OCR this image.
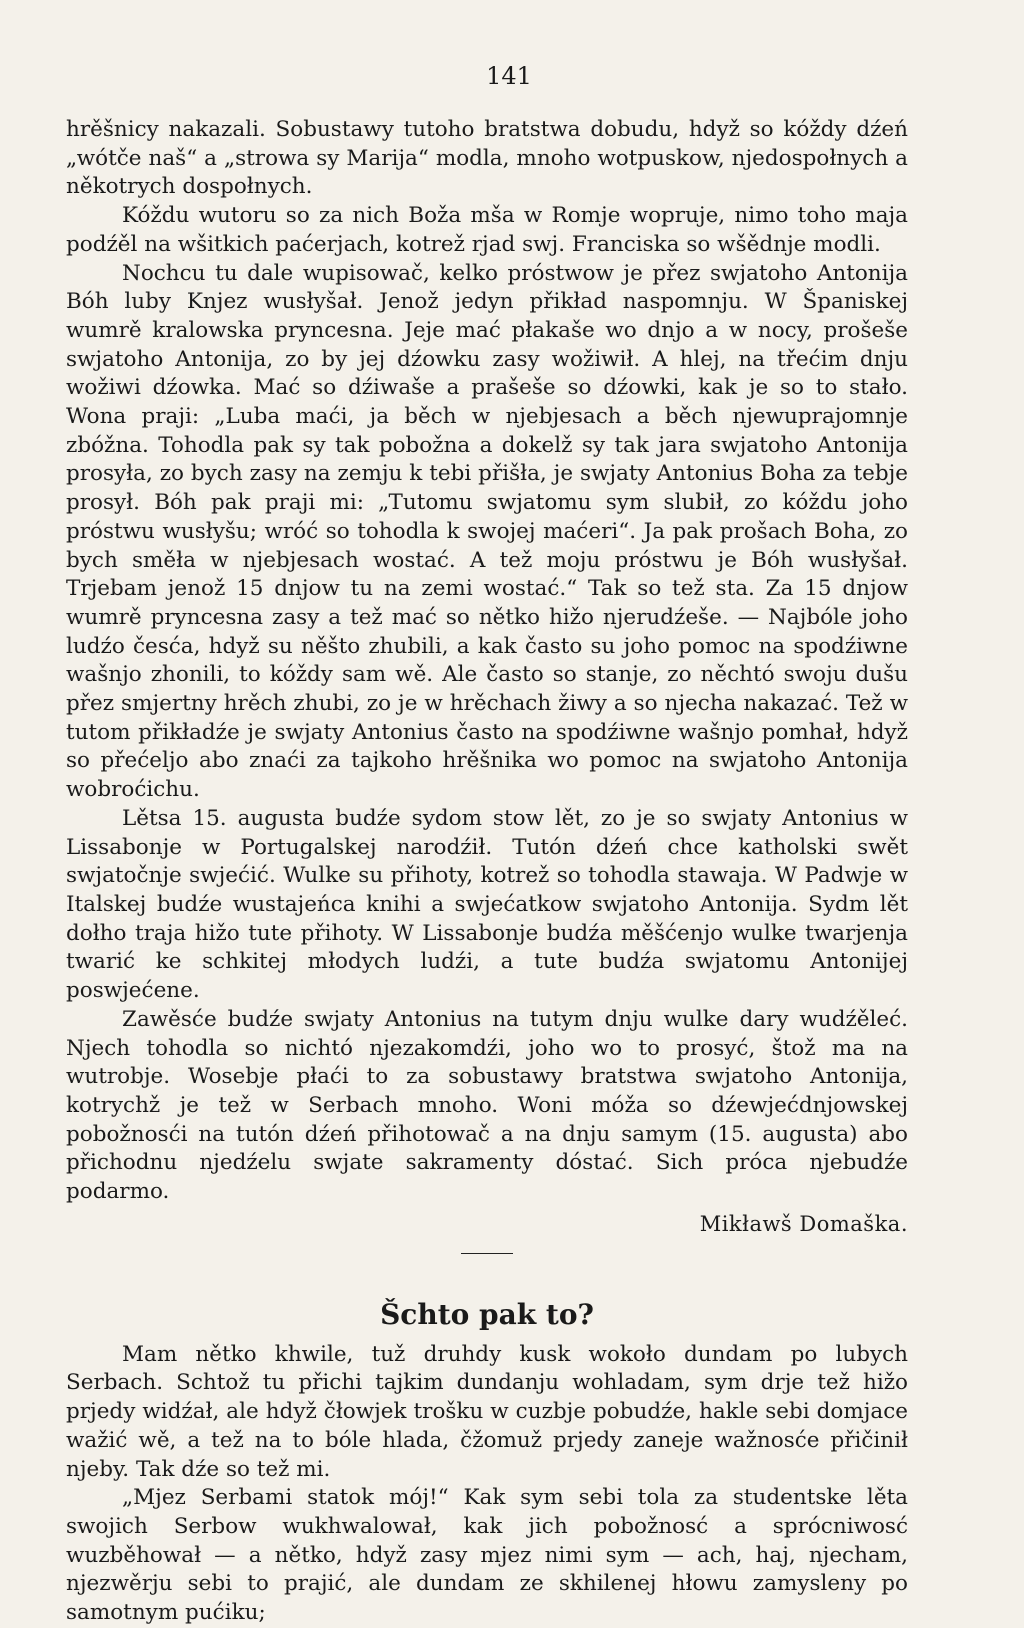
141

hrěšnicy nakazali. Sobustawy tutoho bratstwa dobudu, hdyž so kóždy dźeń „wótče naš“ a „strowa sy Marija“ modla, mnoho wotpuskow, njedospołnych a někotrych dospołnych.

Kóždu wutoru so za nich Boža mša w Romje wopruje, nimo toho maja podźěl na wšitkich paćerjach, kotrež rjad swj. Franciska so wšědnje modli.

Nochcu tu dale wupisowač, kelko próstwow je přez swjatoho Antonija Bóh luby Knjez wusłyšał. Jenož jedyn přikład naspomnju. W Španiskej wumrě kralowska pryncesna. Jeje mać płakaše wo dnjo a w nocy, prošeše swjatoho Antonija, zo by jej dźowku zasy wožiwił. A hlej, na třećim dnju wožiwi dźowka. Mać so dźiwaše a prašeše so dźowki, kak je so to stało. Wona praji: „Luba maći, ja běch w njebjesach a běch njewuprajomnje zbóžna. Tohodla pak sy tak pobožna a dokelž sy tak jara swjatoho Antonija prosyła, zo bych zasy na zemju k tebi přišła, je swjaty Antonius Boha za tebje prosył. Bóh pak praji mi: „Tutomu swjatomu sym slubił, zo kóždu joho próstwu wusłyšu; wróć so tohodla k swojej maćeri“. Ja pak prošach Boha, zo bych směła w njebjesach wostać. A tež moju próstwu je Bóh wusłyšał. Trjebam jenož 15 dnjow tu na zemi wostać.“ Tak so tež sta. Za 15 dnjow wumrě pryncesna zasy a tež mać so nětko hižo njerudźeše. — Najbóle joho ludźo česća, hdyž su něšto zhubili, a kak často su joho pomoc na spodźiwne wašnjo zhonili, to kóždy sam wě. Ale často so stanje, zo něchtó swoju dušu přez smjertny hrěch zhubi, zo je w hrěchach žiwy a so njecha nakazać. Tež w tutom přikładźe je swjaty Antonius často na spodźiwne wašnjo pomhał, hdyž so přećeljo abo znaći za tajkoho hrěšnika wo pomoc na swjatoho Antonija wobroćichu.

Lětsa 15. augusta budźe sydom stow lět, zo je so swjaty Antonius w Lissabonje w Portugalskej narodźił. Tutón dźeń chce katholski swět swjatočnje swjećić. Wulke su přihoty, kotrež so tohodla stawaja. W Padwje w Italskej budźe wustajeńca knihi a swjećatkow swjatoho Antonija. Sydm lět dołho traja hižo tute přihoty. W Lissabonje budźa měšćenjo wulke twarjenja twarić ke schkitej młodych ludźi, a tute budźa swjatomu Antonijej poswjećene.

Zawěsće budźe swjaty Antonius na tutym dnju wulke dary wudźělеć. Njech tohodla so nichtó njezakomdźi, joho wo to prosyć, štož ma na wutrobje. Wosebje płaći to za sobustawy bratstwa swjatoho Antonija, kotrychž je tež w Serbach mnoho. Woni móža so dźewjećdnjowskej pobožnosći na tutón dźeń přihotowač a na dnju samym (15. augusta) abo přichodnu njedźelu swjate sakramenty dóstać. Sich próca njebudźe podarmo.

Mikławš Domaška.
Šchto pak to?

Mam nětko khwile, tuž druhdy kusk wokoło dundam po lubych Serbach. Schtož tu přichi tajkim dundanju wohladam, sym drje tež hižo prjedy widźał, ale hdyž čłowjek trošku w cuzbje pobudźe, hakle sebi domjace wažić wě, a tež na to bóle hlada, čžomuž prjedy zaneje wažnosće přičinił njeby. Tak dźe so tež mi.

„Mjez Serbami statok mój!“ Kak sym sebi tola za studentske lěta swojich Serbow wukhwalował, kak jich pobožnosć a sprócniwosć wuzběhował — a nětko, hdyž zasy mjez nimi sym — ach, haj, njecham, njezwěrju sebi to prajić, ale dundam ze skhilenej hłowu zamyslеny po samotnym pućiku;
